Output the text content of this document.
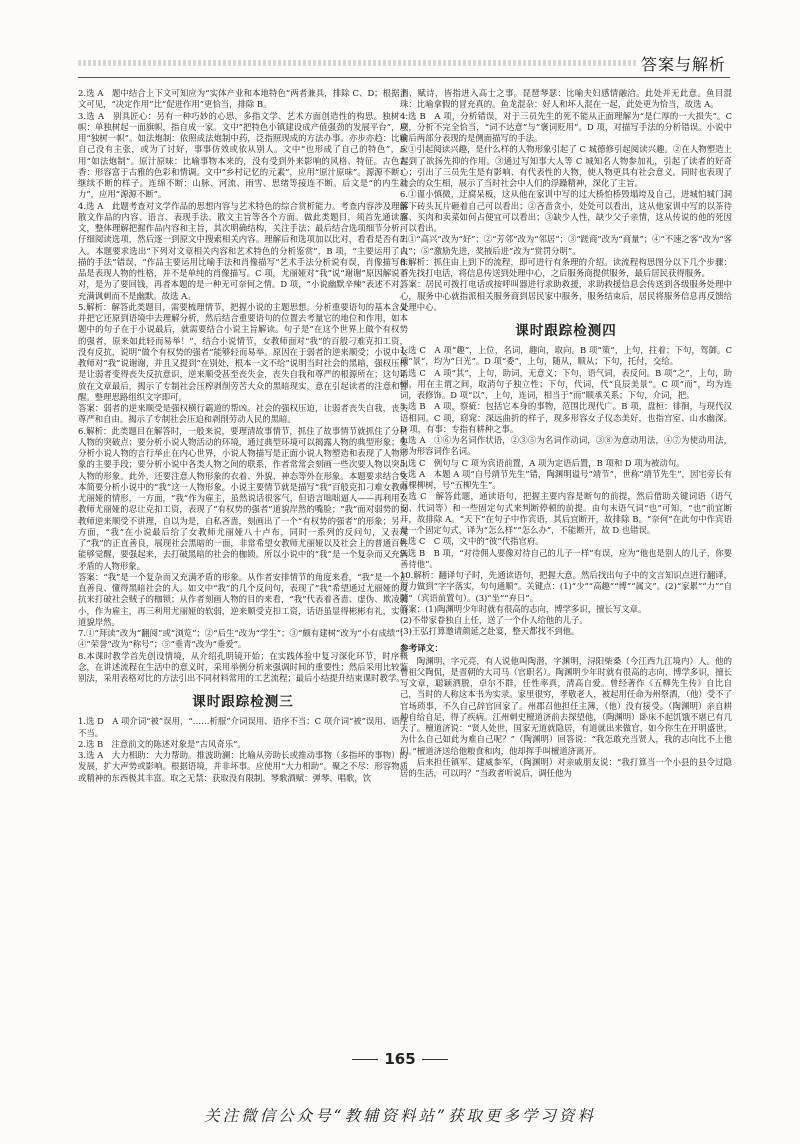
答案与解析

2.选 A　题中结合上下文可知应为“实体产业和本地特色”两者兼具，排除 C、D；根据上文可见，“决定作用”比“促进作用”更恰当，排除 B。

3.选 A　别具匠心：另有一种巧妙的心思，多指文学、艺术方面创造性的构思。独树一帜：单独树起一面旗帜，指自成一家。文中“把特色小镇建设成产值强劲的发展平台”，应用“独树一帜”。如法炮制：依照成法炮制中药，泛指照现成的方法办事。亦步亦趋：比喻自己没有主张，或为了讨好，事事仿效或依从别人。文中“也形成了自己的特色”，应用“如法炮制”。原汁原味：比喻事物本来的，没有受到外来影响的风格、特征。古色古香：形容富于古雅的色彩和情调。文中“乡村记忆的元素”，应用“原汁原味”。源源不断：继续不断的样子。连绵不断：山脉、河流、雨雪、思绪等接连不断。后文是“的内生动力”，应用“源源不断”。

4.选 A　此题考查对文学作品的思想内容与艺术特色的综合赏析能力。考查内容涉及理解散文作品的内容、语言、表现手法、散文主旨等各个方面。做此类题目，须首先通读原文，整体理解把握作品内容和主旨，其次明确结构，关注手法；最后结合选项细节分析。仔细阅读选项，然后逐一到原文中搜索相关内容。理解后和选项加以比对，看看是否有出入。本题要求选出“下列对文章相关内容和艺术特色的分析鉴赏”，B 项，“主要运用了白描的手法”错误，“作品主要运用比喻手法和肖像描写”艺术手法分析说有误，肖像描写作品是表现人物的性格，并不是单纯的肖像描写。C 项，尤丽娅对“我”说“谢谢”原因解说不对，是为了要回钱，再者本题的是一种无可奈何之情。D 项，“小说幽默辛辣”表述不对，充满讽刺而不是幽默。故选 A。

5.解析：解答此类题目，需要梳理情节，把握小说的主题思想。分析重要语句的基本含义并把它还原到语境中去理解分析，然后结合重要语句的位置去考量它的地位和作用，如本题中的句子在于小说最后，就需要结合小说主旨解读。句子是“在这个世界上做个有权势的强者，原来如此轻而易举！”，结合小说情节，女教师面对“我”的百般刁难克扣工资，没有反抗，说明“做个有权势的强者”能够轻而易举。原因在于弱者的逆来顺受；小说中女教师对“我”说谢谢，并且又提到“在别处，根本一文不给”说明当时社会的黑暗，强权压榨是让弱者变得丧失反抗意识，逆来顺受甚至丧失金，丧失自我和尊严的根源所在；这句话放在文章最后，揭示了专制社会压榨剥削劳苦大众的黑暗现实，意在引起读者的注意和警醒。整理思路组织文字即可。

答案：弱者的逆来顺受是强权横行霸道的帮凶。社会的强权压迫，让弱者丧失自我，丧失尊严和自由。揭示了专制社会压迫和剥削劳动人民的黑暗。

6.解析：此类题目在解答时，一般来说，要理清故事情节，抓住了故事情节就抓住了分析人物的突破点；要分析小说人物活动的环境，通过典型环境可以揭露人物的典型形象；要分析小说人物的言行举止在内心世界，小说人物描写是正面小说人物塑造和表现了人物形象的主要手段；要分析小说中各类人物之间的联系，作者常常会刻画一些次要人物以突出人物的形象。此外，还要注意人物形象的衣着、外貌、神态等外在形象。本题要求结合文本简要分析小说中的“我”这一人物形象。小说主要情节就是描写“我”百般克扣刁难女教师尤丽娅的情形，一方面，“我”作为雇主，虽然说话很客气，但语言咄咄逼人——再利用女教师尤丽娅的忍让克扣工资，表现了“有权势的强者”道貌岸然的嘴脸；“我”面对弱势的女教师逆来顺受不讲理，自以为是，自私吝啬，刻画出了一个“有权势的强者”的形象；另一方面，“我”在小说最后给了女教师尤丽娅八十卢布，同时一系列的反问句，又表现了“我”的正直善良，展现社会黑暗的一面，非常希望女教师尤丽娅以及社会上的普通百姓能够觉醒，要强起来，去打破黑暗的社会的枷锁。所以小说中的“我”是一个复杂而又充满矛盾的人物形象。

答案：“我”是一个复杂而又充满矛盾的形象。从作者安排情节的角度来看，“我”是一个正直善良、懂得黑暗社会的人。如文中“我”的几个反问句，表现了“我”希望通过尤丽娅的反抗来打破社会贼子的枷锁；从作者刻画人物的目的来看，“我”代表着吝啬、虚伪、欺凌弱小，作为雇主，再三利用尤丽娅的软弱，逆来顺受克扣工资，话语虽显得彬彬有礼，实则道貌岸然。

7.①“拜读”改为“翻阅”或“浏览”；②“后生”改为“学生”；③“颇有建树”改为“小有成绩”；④“荣誉”改为“称号”；⑤“垂青”改为“垂爱”。

8.本课时教学首先创设情境，从介绍孔明镜开始；在实践体验中复习深化环节，时序概念，在讲述流程在生活中的意义时，采用举例分析来强调时间的重要性；然后采用比较鉴别法，采用表格对比的方法引出不同材料常用的工艺流程；最后小结提升结束课时教学。

课时跟踪检测三

1.选 D　A 项介词“被”误用，“……析服”介词误用、语序不当；C 项介词“被”误用、语序不当。

2.选 B　注意前文的陈述对象是“古风奇乐”。

3.选 A　大力相助：大力帮助。推波助澜：比喻从旁助长或推动事物（多指坏的事物）的发展，扩大声势或影响。根据语境，并非坏事。应使用“大力相助”。聚之不尽：形容物质或精神的东西极其丰富。取之无禁：获取没有限制。琴歌酒赋：弹琴、唱歌，饮

酒、赋诗，皆指进入高士之事。琵琶琴瑟：比喻夫妇感情融洽。此处并无此意。鱼目混珠：比喻拿假的冒充真的。鱼龙混杂：好人和坏人混在一起，此处更为恰当，故选 A。

4.选 B　A 项，分析错误，对于三员先生的死不能从正面理解为“是仁厚的一大损失”。C 项，分析不完全恰当，“词不达意”与“褒词贬用”。D 项，对描写手法的分析错误。小说中前后两部分表现的是侧面描写的手法。

5.①引起阅读兴趣，是什么样的人物形象引起了 C 城德修引起阅读兴趣。②在人物塑造上起到了欲扬先抑的作用。③通过写知事大人等 C 城知名人物参加礼，引起了读者的好奇心；引出了三员先生是有影响、有代表性的人物，使人物更具有社会意义。同时也表现了社会的众生相，展示了当时社会中人们的浮躁精神，深化了主旨。

6.①谨小慎微，迂腐呆板，这从他在家训中写的过大桥怕桥毁塌垮及自己，进城怕城门洞落下砖头瓦片砸着自己可以看出；②吝啬贪小，处处可以看出，这从他家训中写的以茶待客、买肉和卖菜如何占便宜可以看出；③缺少人性，缺少父子亲情，这从传说的他的死因可以看出。

7.①“高兴”改为“好”；②“芳邻”改为“邻居”；③“蹉商”改为“商量”；④“不速之客”改为“客人”；⑤“激励先进，奖掖后进”改为“赏罚分明”。

8.解析：抓住由上到下的流程，即可进行有条理的介绍。读流程构思图分以下几个步骤：首先找打电话，将信息传送到处理中心，之后服务商提供服务，最后居民获得服务。

答案：居民可拨打电话或按呼叫器进行求助救援，求助救援信息会传送到各级服务处理中心，服务中心就指派相关服务商到居民家中服务，服务结束后，居民将服务信息再反馈给处理中心。

课时跟踪检测四

1.选 C　A 项“趣”，上位，名词，趣向，取向。B 项“策”，上句，拄着；下句，驾御。C 项“景”，均为“日光”。D 项“委”，上句，随从，顺从；下句，托付，交给。

2.选 C　A 项“其”，上句，助词，无意义；下句，语气词，表反问。B 项“之”，上句，助词，用在主谓之间，取消句子独立性；下句，代词，代“良辰美景”。C 项“而”，均为连词，表修饰。D 项“以”，上句，连词，相当于“而”顺承关系；下句，介词，把。

3.选 B　A 项，察疵：包括它本身的事物，范围比现代广。B 项，盘桓：徘徊，与现代汉语相同。C 项，窈窕：深远曲折的样子，现多形容女子仪态美好，也指宫室、山水幽深。D 项，有事：专指有耕种之事。

4.选 A　①⑥为名词作状语，②③⑤为名词作动词，③⑧为意动用法，④⑦为使动用法，⑨为形容词作名词。

5.选 C　例句与 C 项为宾语前置，A 项为定语后置，B 项和 D 项为被动句。

6.选 A　本题 A 项“自号靖节先生”错，陶渊明谥号“靖节”，世称“靖节先生”，因宅旁长有五棵柳树，号“五柳先生”。

7.选 C　解答此题，通读语句，把握主要内容是断句的前提，然后借助关键词语（语气词、代词等）和一些固定句式来判断停顿的前提。由句末语气词“也”可知，“也”前宜断开，故排除 A。“天下”在句子中作宾语，其后宜断开，故排除 B。“奈何”在此句中作宾语是一个固定句式，译为“怎么样”“怎么办”，不能断开，故 D 也错误。

8.选 C　C 项，文中的“彼”代指官府。

9.选 B　B 项，“对待佣人要像对待自己的儿子一样”有误，应为“他也是别人的儿子，你要善待他”。

10.解析：翻译句子时，先通读语句，把握大意。然后找出句子中的文言知识点进行翻译，努力做到“字字落实，句句通顺”。关键点：(1)“少”“高趣”“博”“属文”。(2)“家累”“力”“自随”（宾语前置句）。(3)“坐”“弃日”。

答案：(1)陶渊明少年时就有很高的志向，博学多识，擅长写文章。

(2)不带家眷独自上任，送了一个仆人给他的儿子。

(3)王弘打算邀请颜延之赴宴，整天都找不到他。

参考译文：

陶渊明，字元亮，有人说他叫陶潜，字渊明，浔阳柴桑（今江西九江境内）人。他的曾祖父陶侃，是晋朝的大司马（官职名）。陶渊明少年时就有很高的志向，博学多识，擅长写文章，聪颖洒脱，卓尔不群，任性率真，清高自爱。曾经著作《五柳先生传》自比自己，当时的人称这本书为实录。家里很穷，孝敬老人，被起用任命为州祭酒，（他）受不了官场琐事，不久自己辞官回家了。州郡召他担任主簿，（他）没有接受。（陶渊明）亲自耕种自给自足，得了疾病。江州刺史檀道济前去探望他，（陶渊明）卧床不起饥饿不堪已有几天了。檀道济说：“贤人处世，国家无道就隐居，有道就出来做官，如今你生在开明盛世，为什么自己如此为难自己呢？”（陶渊明）回答说：“我怎敢充当贤人，我的志向比不上他们。”檀道济送给他粮食和肉，他却挥手叫檀道济离开。

后来担任镇军、建威参军，（陶渊明）对亲戚朋友说：“我打算当一个小县的县令过隐居的生活，可以吗？”当政者听说后，调任他为

165
关注微信公众号“教辅资料站”获取更多学习资料
